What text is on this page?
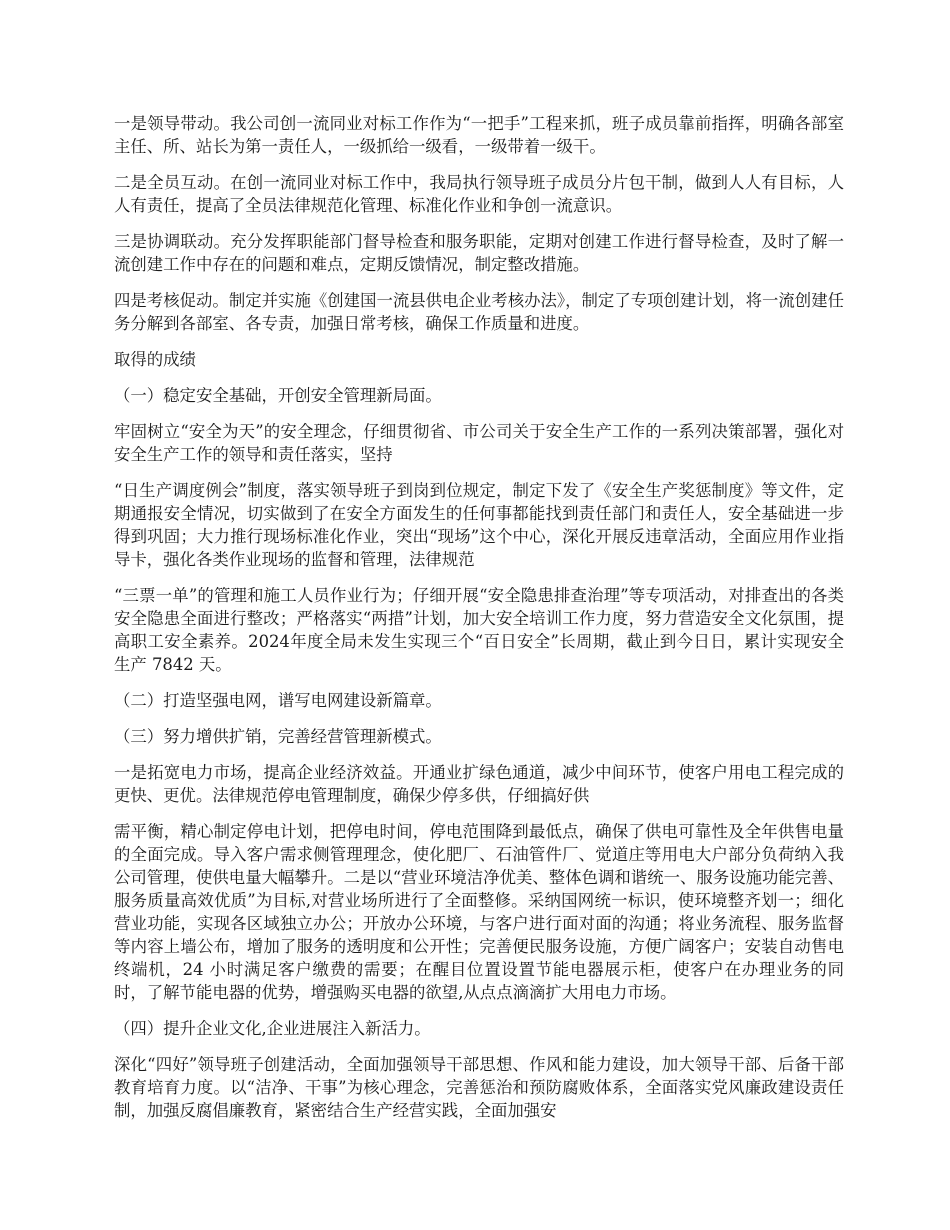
一是领导带动。我公司创一流同业对标工作作为“一把手”工程来抓，班子成员靠前指挥，明确各部室主任、所、站长为第一责任人，一级抓给一级看，一级带着一级干。

二是全员互动。在创一流同业对标工作中，我局执行领导班子成员分片包干制，做到人人有目标，人人有责任，提高了全员法律规范化管理、标准化作业和争创一流意识。

三是协调联动。充分发挥职能部门督导检查和服务职能，定期对创建工作进行督导检查，及时了解一流创建工作中存在的问题和难点，定期反馈情况，制定整改措施。

四是考核促动。制定并实施《创建国一流县供电企业考核办法》，制定了专项创建计划，将一流创建任务分解到各部室、各专责，加强日常考核，确保工作质量和进度。

取得的成绩

（一）稳定安全基础，开创安全管理新局面。

牢固树立“安全为天”的安全理念，仔细贯彻省、市公司关于安全生产工作的一系列决策部署，强化对安全生产工作的领导和责任落实，坚持

“日生产调度例会”制度，落实领导班子到岗到位规定，制定下发了《安全生产奖惩制度》等文件，定期通报安全情况，切实做到了在安全方面发生的任何事都能找到责任部门和责任人，安全基础进一步得到巩固；大力推行现场标准化作业，突出“现场”这个中心，深化开展反违章活动，全面应用作业指导卡，强化各类作业现场的监督和管理，法律规范

“三票一单”的管理和施工人员作业行为；仔细开展“安全隐患排查治理”等专项活动，对排查出的各类安全隐患全面进行整改；严格落实“两措”计划，加大安全培训工作力度，努力营造安全文化氛围，提高职工安全素养。2024年度全局未发生实现三个“百日安全”长周期，截止到今日日，累计实现安全生产 7842 天。

（二）打造坚强电网，谱写电网建设新篇章。

（三）努力增供扩销，完善经营管理新模式。

一是拓宽电力市场，提高企业经济效益。开通业扩绿色通道，减少中间环节，使客户用电工程完成的更快、更优。法律规范停电管理制度，确保少停多供，仔细搞好供

需平衡，精心制定停电计划，把停电时间，停电范围降到最低点，确保了供电可靠性及全年供售电量的全面完成。导入客户需求侧管理理念，使化肥厂、石油管件厂、觉道庄等用电大户部分负荷纳入我公司管理，使供电量大幅攀升。二是以“营业环境洁净优美、整体色调和谐统一、服务设施功能完善、服务质量高效优质”为目标,对营业场所进行了全面整修。采纳国网统一标识，使环境整齐划一；细化营业功能，实现各区域独立办公；开放办公环境，与客户进行面对面的沟通；将业务流程、服务监督等内容上墙公布，增加了服务的透明度和公开性；完善便民服务设施，方便广阔客户；安装自动售电终端机，24 小时满足客户缴费的需要；在醒目位置设置节能电器展示柜，使客户在办理业务的同时，了解节能电器的优势，增强购买电器的欲望,从点点滴滴扩大用电力市场。

（四）提升企业文化,企业进展注入新活力。

深化“四好”领导班子创建活动，全面加强领导干部思想、作风和能力建设，加大领导干部、后备干部教育培育力度。以“洁净、干事”为核心理念，完善惩治和预防腐败体系，全面落实党风廉政建设责任制，加强反腐倡廉教育，紧密结合生产经营实践，全面加强安
